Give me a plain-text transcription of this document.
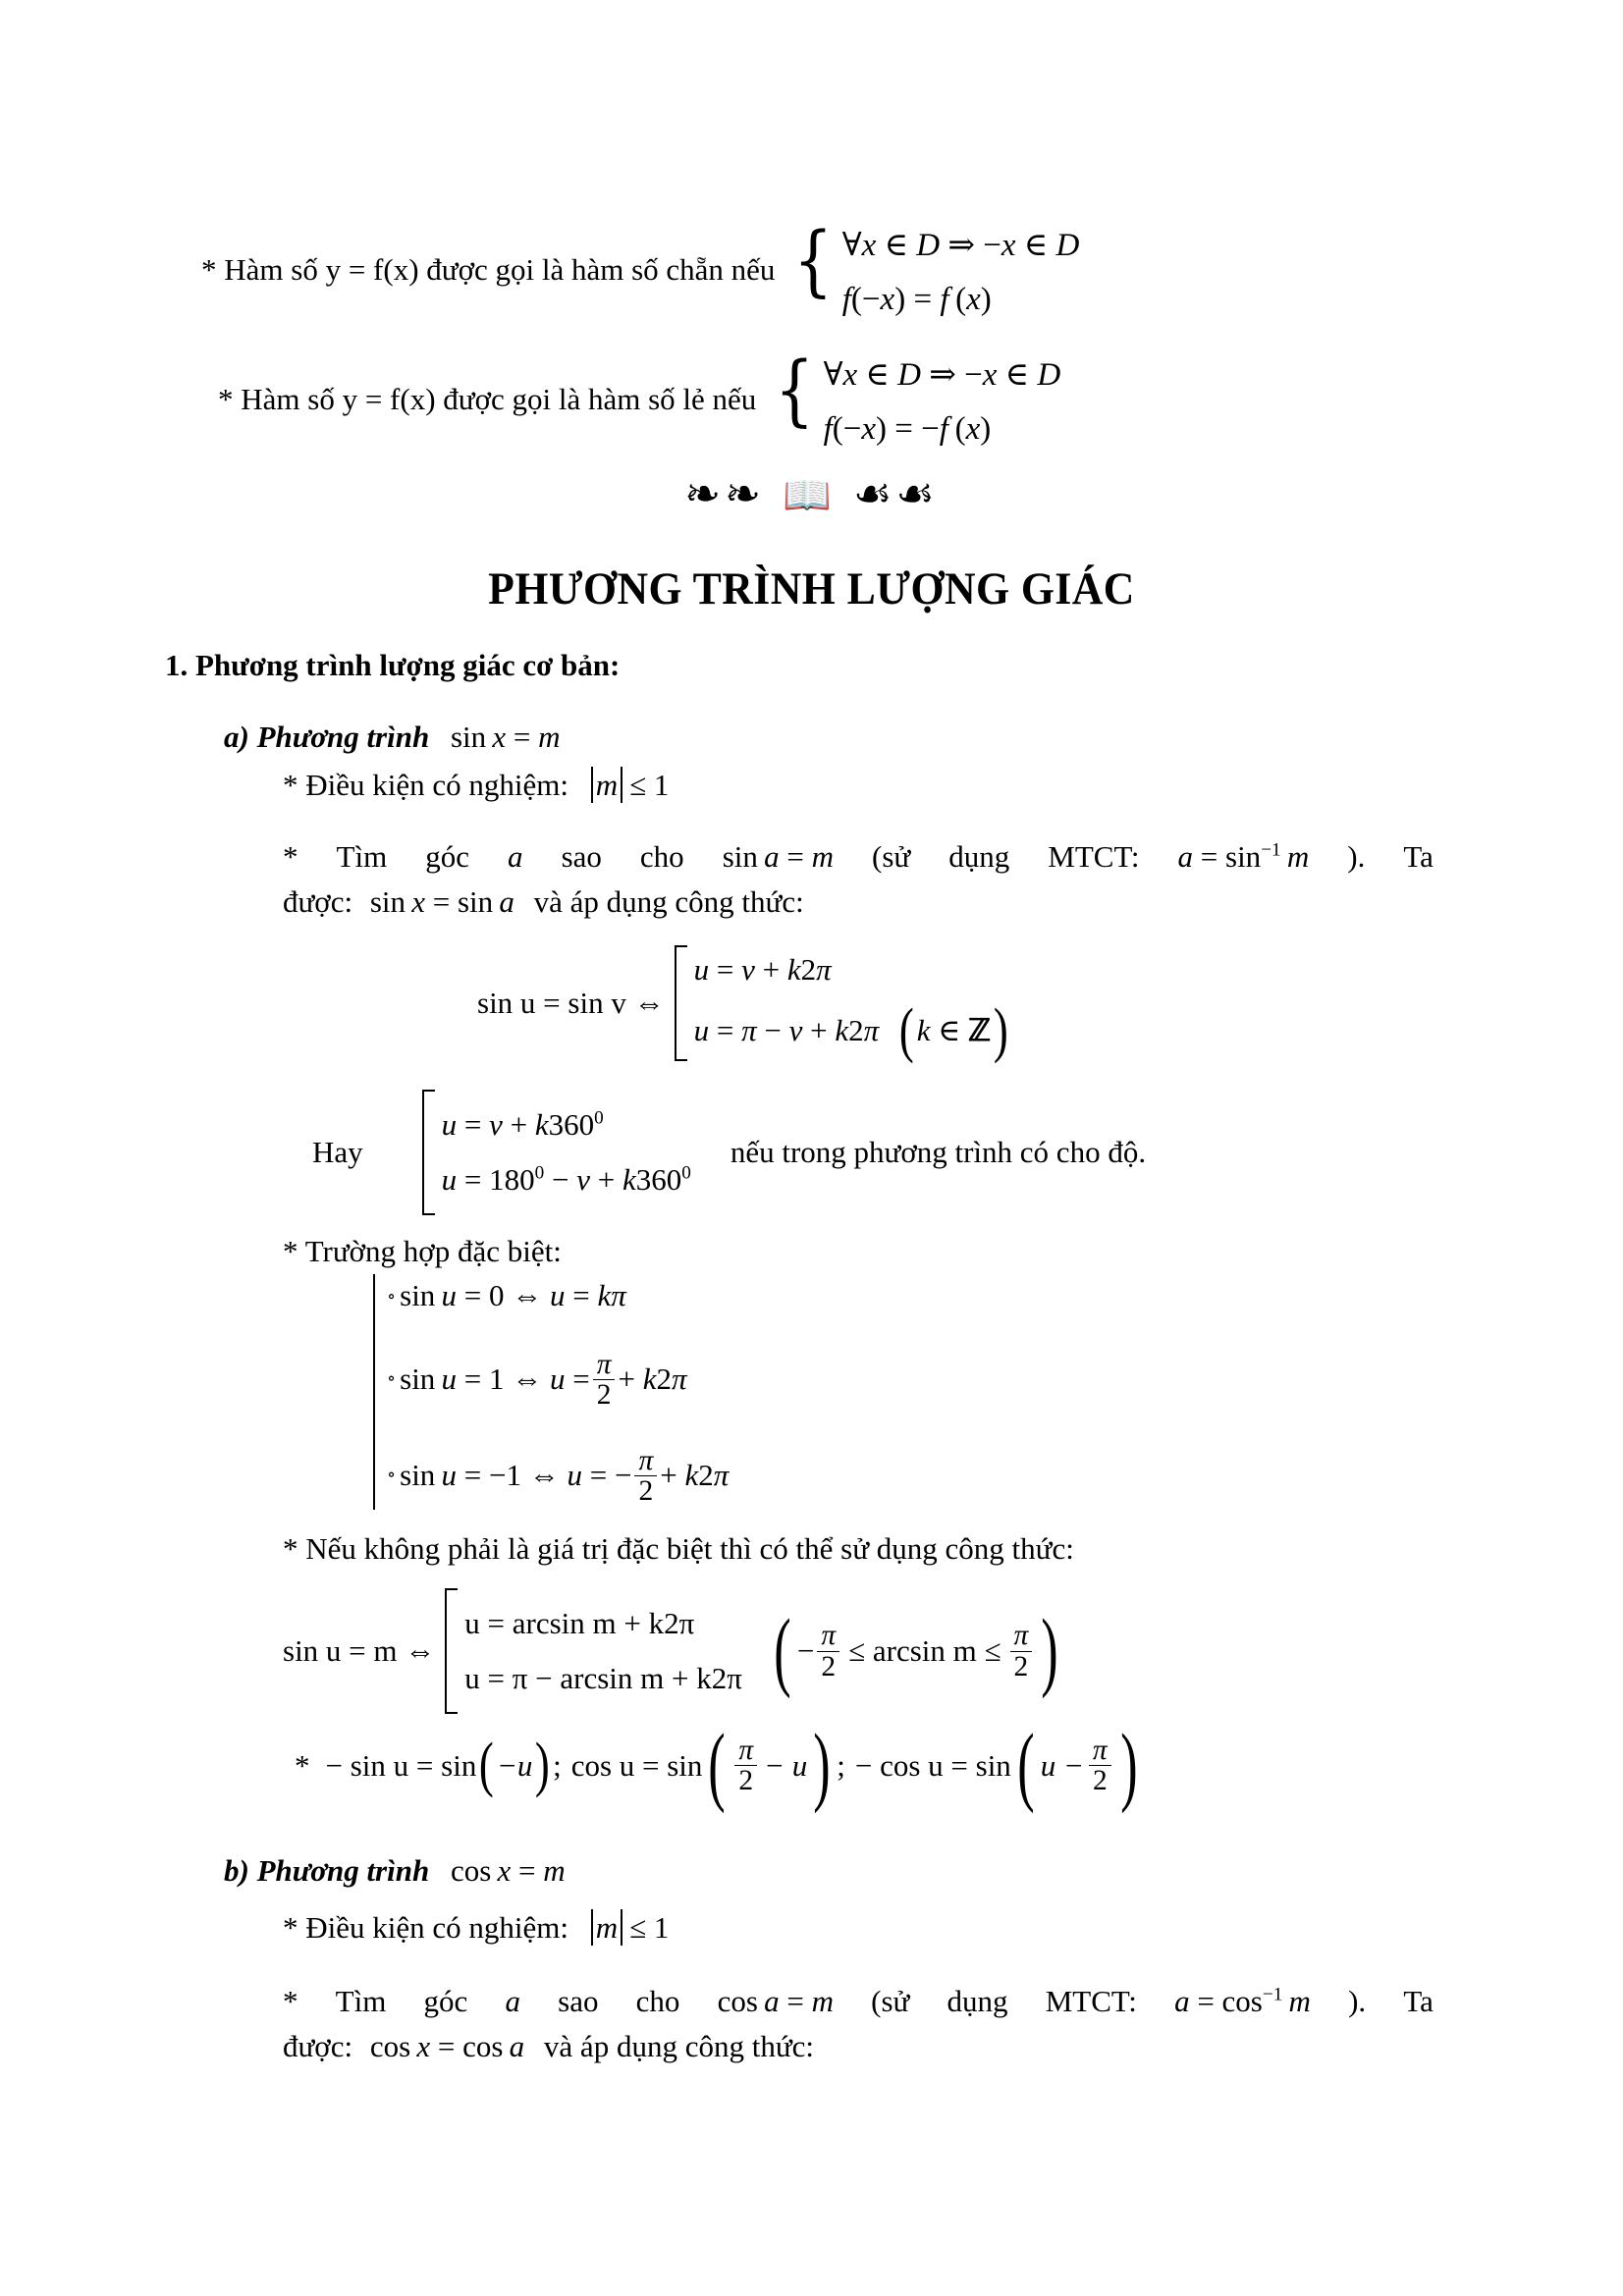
* Hàm số y = f(x) được gọi là hàm số chẵn nếu { ∀x ∈ D ⇒ −x ∈ D
f(−x) = f  (x)
* Hàm số y = f(x) được gọi là hàm số lẻ nếu { ∀x ∈ D ⇒ −x ∈ D
f(−x) = −f  (x)
❧❧ 📖 ☙☙
PHƯƠNG TRÌNH LƯỢNG GIÁC
1. Phương trình lượng giác cơ bản:
a) Phương trình sin  x = m
* Điều kiện có nghiệm: m ≤ 1
* Tìm góc a sao cho sin  a = m (sử dụng MTCT: $a = \sin^{-1} m$ ). Ta
được: sin  x = sin  a và áp dụng công thức:
sin u = sin v ⇔
u = v + k2π
u = π − v + k2π ( k ∈ ℤ )
Hay
$u = v + k360^0$
$u = 180^0 - v + k360^0$
nếu trong phương trình có cho độ.
* Trường hợp đặc biệt:
∘ sin  u = 0 ⇔ u = kπ
∘ sin  u = 1 ⇔ $u = \frac{\pi}{2} + k2\pi$
∘ sin  u = −1 ⇔ u = − $\frac{\pi}{2} + k2\pi$
* Nếu không phải là giá trị đặc biệt thì có thể sử dụng công thức:
sin u = m ⇔
u = arcsin m + k2π
u = π − arcsin m + k2π ( − $\frac{\pi}{2} \le \arcsin m \le \frac{\pi}{2}$ )
* − sin u = sin ( −u ) ; cos u = sin ( $\frac{\pi}{2} - u$ ) ; − cos u = sin ( $u - \frac{\pi}{2}$ )
b) Phương trình cos  x = m
* Điều kiện có nghiệm: m ≤ 1
* Tìm góc a sao cho cos  a = m (sử dụng MTCT: $a = \cos^{-1} m$ ). Ta
được: cos  x = cos  a và áp dụng công thức:
